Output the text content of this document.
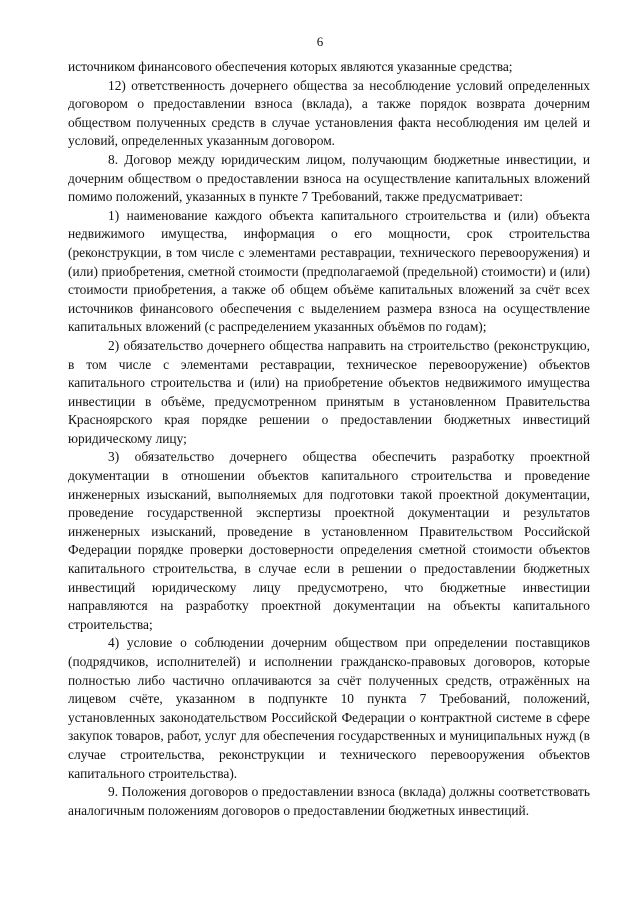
6

источником финансового обеспечения которых являются указанные средства;

12) ответственность дочернего общества за несоблюдение условий определенных договором о предоставлении взноса (вклада), а также порядок возврата дочерним обществом полученных средств в случае установления факта несоблюдения им целей и условий, определенных указанным договором.

8. Договор между юридическим лицом, получающим бюджетные инвестиции, и дочерним обществом о предоставлении взноса на осуществление капитальных вложений помимо положений, указанных в пункте 7 Требований, также предусматривает:

1) наименование каждого объекта капитального строительства и (или) объекта недвижимого имущества, информация о его мощности, срок строительства (реконструкции, в том числе с элементами реставрации, технического перевооружения) и (или) приобретения, сметной стоимости (предполагаемой (предельной) стоимости) и (или) стоимости приобретения, а также об общем объёме капитальных вложений за счёт всех источников финансового обеспечения с выделением размера взноса на осуществление капитальных вложений (с распределением указанных объёмов по годам);

2) обязательство дочернего общества направить на строительство (реконструкцию, в том числе с элементами реставрации, техническое перевооружение) объектов капитального строительства и (или) на приобретение объектов недвижимого имущества инвестиции в объёме, предусмотренном принятым в установленном Правительства Красноярского края порядке решении о предоставлении бюджетных инвестиций юридическому лицу;

3) обязательство дочернего общества обеспечить разработку проектной документации в отношении объектов капитального строительства и проведение инженерных изысканий, выполняемых для подготовки такой проектной документации, проведение государственной экспертизы проектной документации и результатов инженерных изысканий, проведение в установленном Правительством Российской Федерации порядке проверки достоверности определения сметной стоимости объектов капитального строительства, в случае если в решении о предоставлении бюджетных инвестиций юридическому лицу предусмотрено, что бюджетные инвестиции направляются на разработку проектной документации на объекты капитального строительства;

4) условие о соблюдении дочерним обществом при определении поставщиков (подрядчиков, исполнителей) и исполнении гражданско-правовых договоров, которые полностью либо частично оплачиваются за счёт полученных средств, отражённых на лицевом счёте, указанном в подпункте 10 пункта 7 Требований, положений, установленных законодательством Российской Федерации о контрактной системе в сфере закупок товаров, работ, услуг для обеспечения государственных и муниципальных нужд (в случае строительства, реконструкции и технического перевооружения объектов капитального строительства).

9. Положения договоров о предоставлении взноса (вклада) должны соответствовать аналогичным положениям договоров о предоставлении бюджетных инвестиций.
